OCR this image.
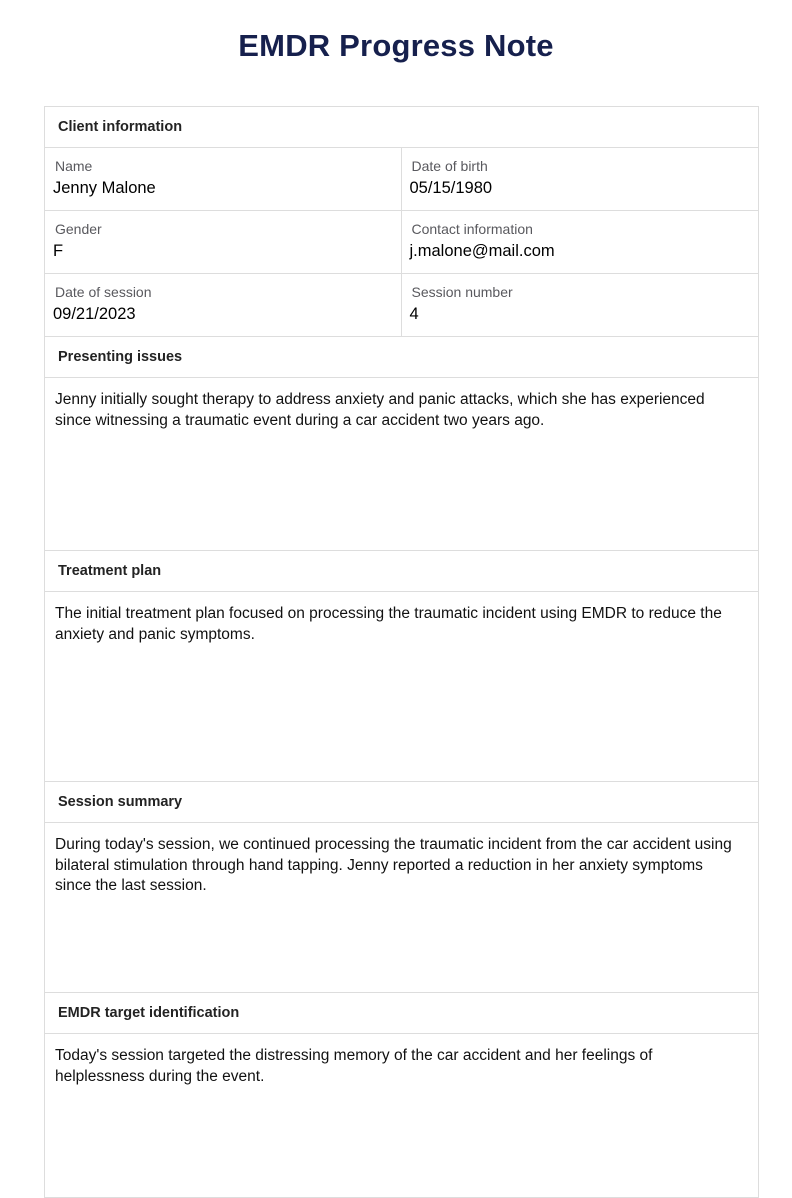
EMDR Progress Note
Client information
Name
Jenny Malone
Date of birth
05/15/1980
Gender
F
Contact information
j.malone@mail.com
Date of session
09/21/2023
Session number
4
Presenting issues

Jenny initially sought therapy to address anxiety and panic attacks, which she has experienced since witnessing a traumatic event during a car accident two years ago.

Treatment plan

The initial treatment plan focused on processing the traumatic incident using EMDR to reduce the anxiety and panic symptoms.

Session summary

During today's session, we continued processing the traumatic incident from the car accident using bilateral stimulation through hand tapping. Jenny reported a reduction in her anxiety symptoms since the last session.

EMDR target identification

Today's session targeted the distressing memory of the car accident and her feelings of helplessness during the event.
